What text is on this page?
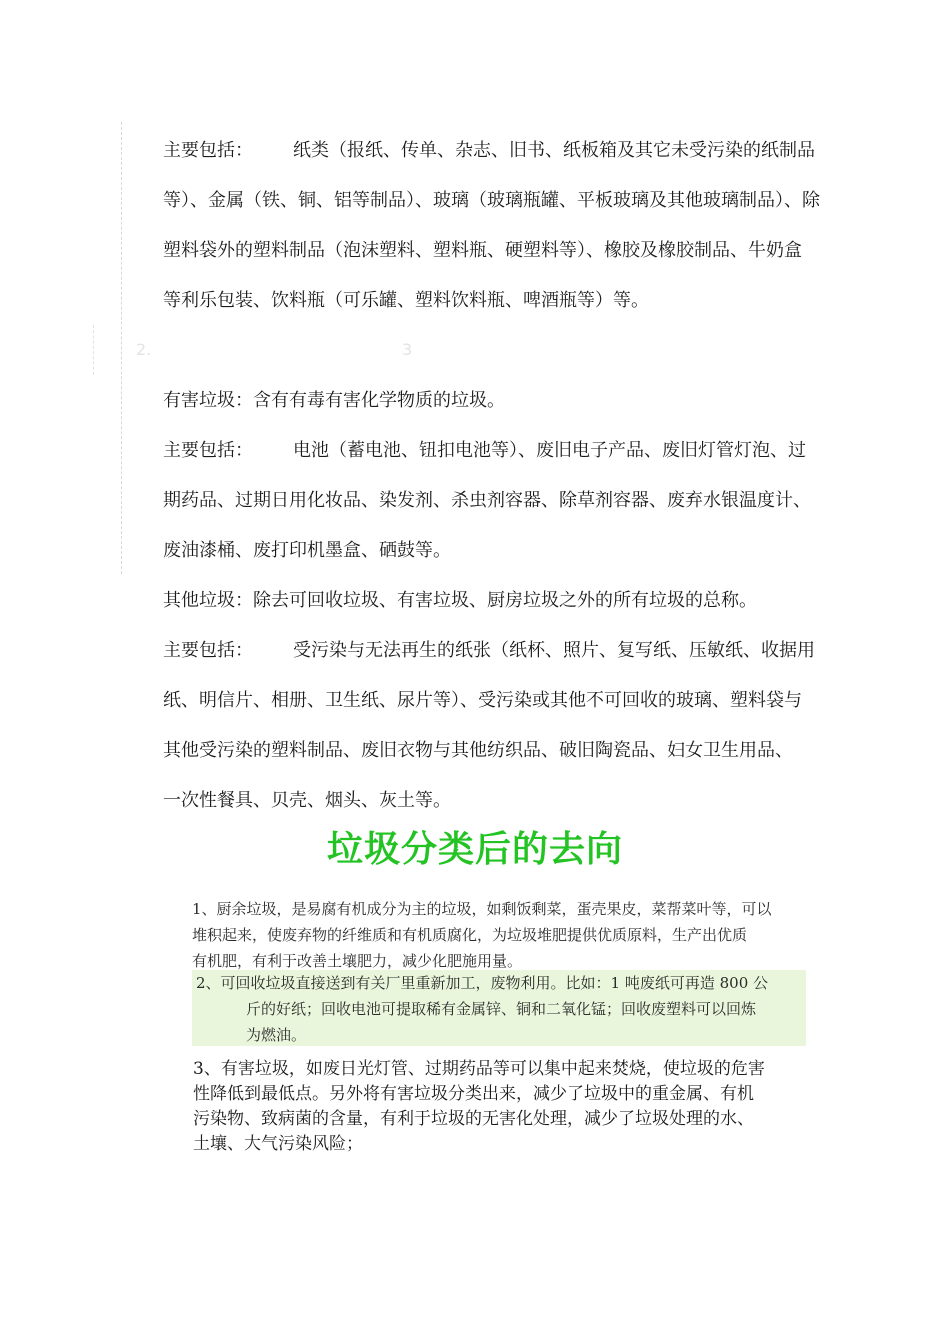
2.	3
主要包括： 纸类（报纸、传单、杂志、旧书、纸板箱及其它未受污染的纸制品
等）、金属（铁、铜、铝等制品）、玻璃（玻璃瓶罐、平板玻璃及其他玻璃制品）、除
塑料袋外的塑料制品（泡沫塑料、塑料瓶、硬塑料等）、橡胶及橡胶制品、牛奶盒
等利乐包装、饮料瓶（可乐罐、塑料饮料瓶、啤酒瓶等）等。
有害垃圾：含有有毒有害化学物质的垃圾。
主要包括： 电池（蓄电池、钮扣电池等）、废旧电子产品、废旧灯管灯泡、过
期药品、过期日用化妆品、染发剂、杀虫剂容器、除草剂容器、废弃水银温度计、
废油漆桶、废打印机墨盒、硒鼓等。
其他垃圾：除去可回收垃圾、有害垃圾、厨房垃圾之外的所有垃圾的总称。
主要包括： 受污染与无法再生的纸张（纸杯、照片、复写纸、压敏纸、收据用
纸、明信片、相册、卫生纸、尿片等）、受污染或其他不可回收的玻璃、塑料袋与
其他受污染的塑料制品、废旧衣物与其他纺织品、破旧陶瓷品、妇女卫生用品、
一次性餐具、贝壳、烟头、灰土等。
垃圾分类后的去向
1、厨余垃圾，是易腐有机成分为主的垃圾，如剩饭剩菜，蛋壳果皮，菜帮菜叶等，可以
堆积起来，使废弃物的纤维质和有机质腐化，为垃圾堆肥提供优质原料，生产出优质
有机肥，有利于改善土壤肥力，减少化肥施用量。
2、可回收垃圾直接送到有关厂里重新加工，废物利用。比如：1 吨废纸可再造 800 公
斤的好纸；回收电池可提取稀有金属锌、铜和二氧化锰；回收废塑料可以回炼
为燃油。
3、有害垃圾，如废日光灯管、过期药品等可以集中起来焚烧，使垃圾的危害
性降低到最低点。另外将有害垃圾分类出来，减少了垃圾中的重金属、有机
污染物、致病菌的含量，有利于垃圾的无害化处理，减少了垃圾处理的水、
土壤、大气污染风险；
